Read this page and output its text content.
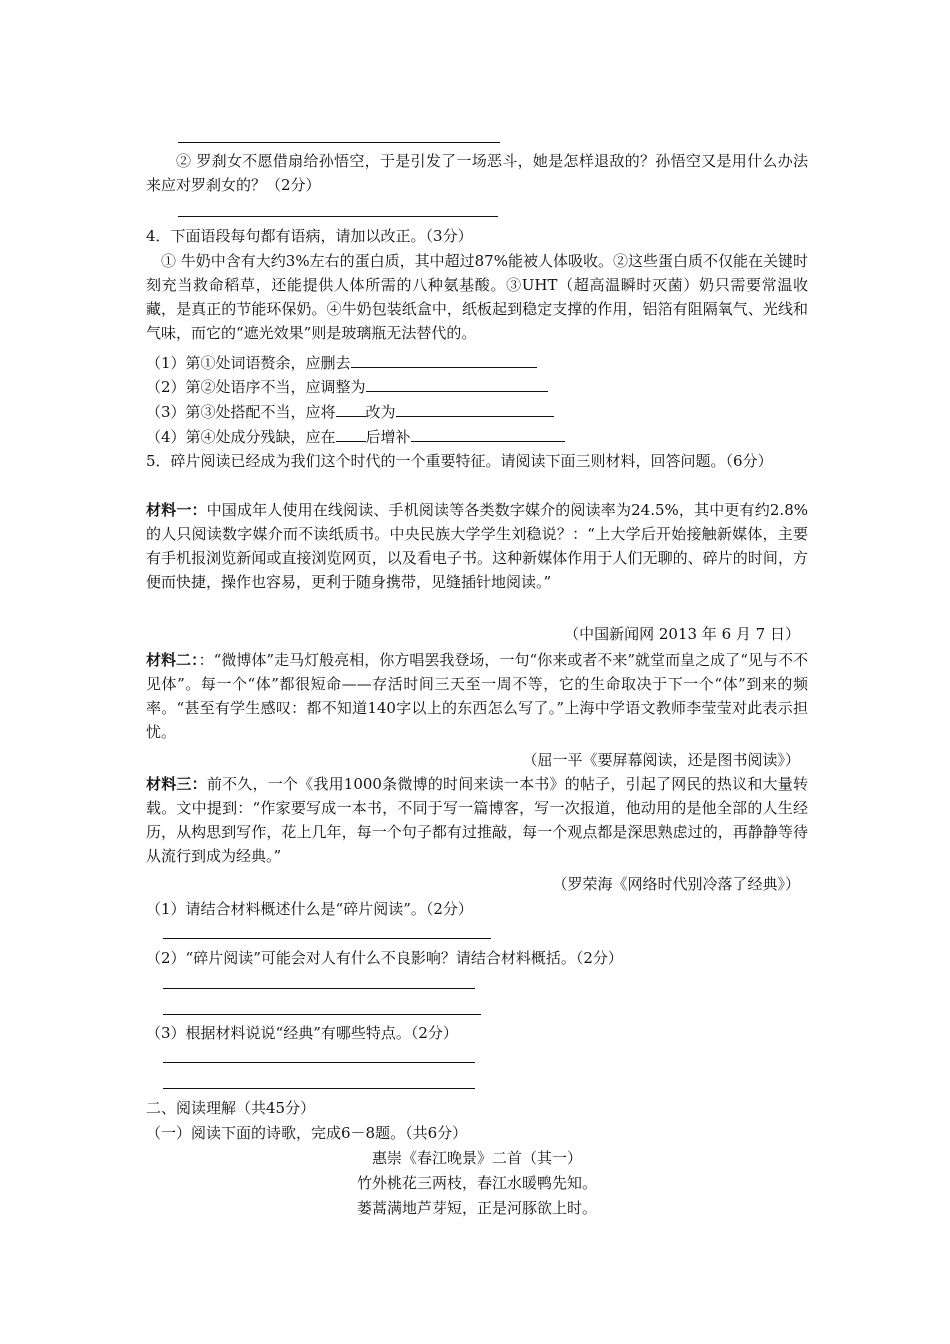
② 罗刹女不愿借扇给孙悟空，于是引发了一场恶斗，她是怎样退敌的？孙悟空又是用什么办法来应对罗刹女的？（2分）
4．下面语段每句都有语病，请加以改正。（3分）
① 牛奶中含有大约3%左右的蛋白质，其中超过87%能被人体吸收。②这些蛋白质不仅能在关键时刻充当救命稻草，还能提供人体所需的八种氨基酸。③UHT（超高温瞬时灭菌）奶只需要常温收藏，是真正的节能环保奶。④牛奶包装纸盒中，纸板起到稳定支撑的作用，铝箔有阻隔氧气、光线和气味，而它的“遮光效果”则是玻璃瓶无法替代的。
（1）第①处词语赘余，应删去
（2）第②处语序不当，应调整为
（3）第③处搭配不当，应将 改为
（4）第④处成分残缺，应在 后增补
5．碎片阅读已经成为我们这个时代的一个重要特征。请阅读下面三则材料，回答问题。（6分）
材料一：中国成年人使用在线阅读、手机阅读等各类数字媒介的阅读率为24.5%，其中更有约2.8%的人只阅读数字媒介而不读纸质书。中央民族大学学生刘稳说？：“上大学后开始接触新媒体，主要有手机报浏览新闻或直接浏览网页，以及看电子书。这种新媒体作用于人们无聊的、碎片的时间，方便而快捷，操作也容易，更利于随身携带，见缝插针地阅读。”
（中国新闻网 2013 年 6 月 7 日）
材料二：：“微博体”走马灯般亮相，你方唱罢我登场，一句“你来或者不来”就堂而皇之成了“见与不不见体”。每一个“体”都很短命——存活时间三天至一周不等，它的生命取决于下一个“体”到来的频率。“甚至有学生感叹：都不知道140字以上的东西怎么写了。”上海中学语文教师李莹莹对此表示担忧。
（屈一平《要屏幕阅读，还是图书阅读》）
材料三：前不久，一个《我用1000条微博的时间来读一本书》的帖子，引起了网民的热议和大量转载。文中提到：“作家要写成一本书，不同于写一篇博客，写一次报道，他动用的是他全部的人生经历，从构思到写作，花上几年，每一个句子都有过推敲，每一个观点都是深思熟虑过的，再静静等待从流行到成为经典。”
（罗荣海《网络时代别冷落了经典》）
（1）请结合材料概述什么是“碎片阅读”。（2分）
（2）“碎片阅读”可能会对人有什么不良影响？请结合材料概括。（2分）
（3）根据材料说说“经典”有哪些特点。（2分）
二、阅读理解（共45分）
（一）阅读下面的诗歌，完成6－8题。（共6分）
惠崇《春江晚景》二首（其一）
竹外桃花三两枝，春江水暖鸭先知。
蒌蒿满地芦芽短，正是河豚欲上时。
